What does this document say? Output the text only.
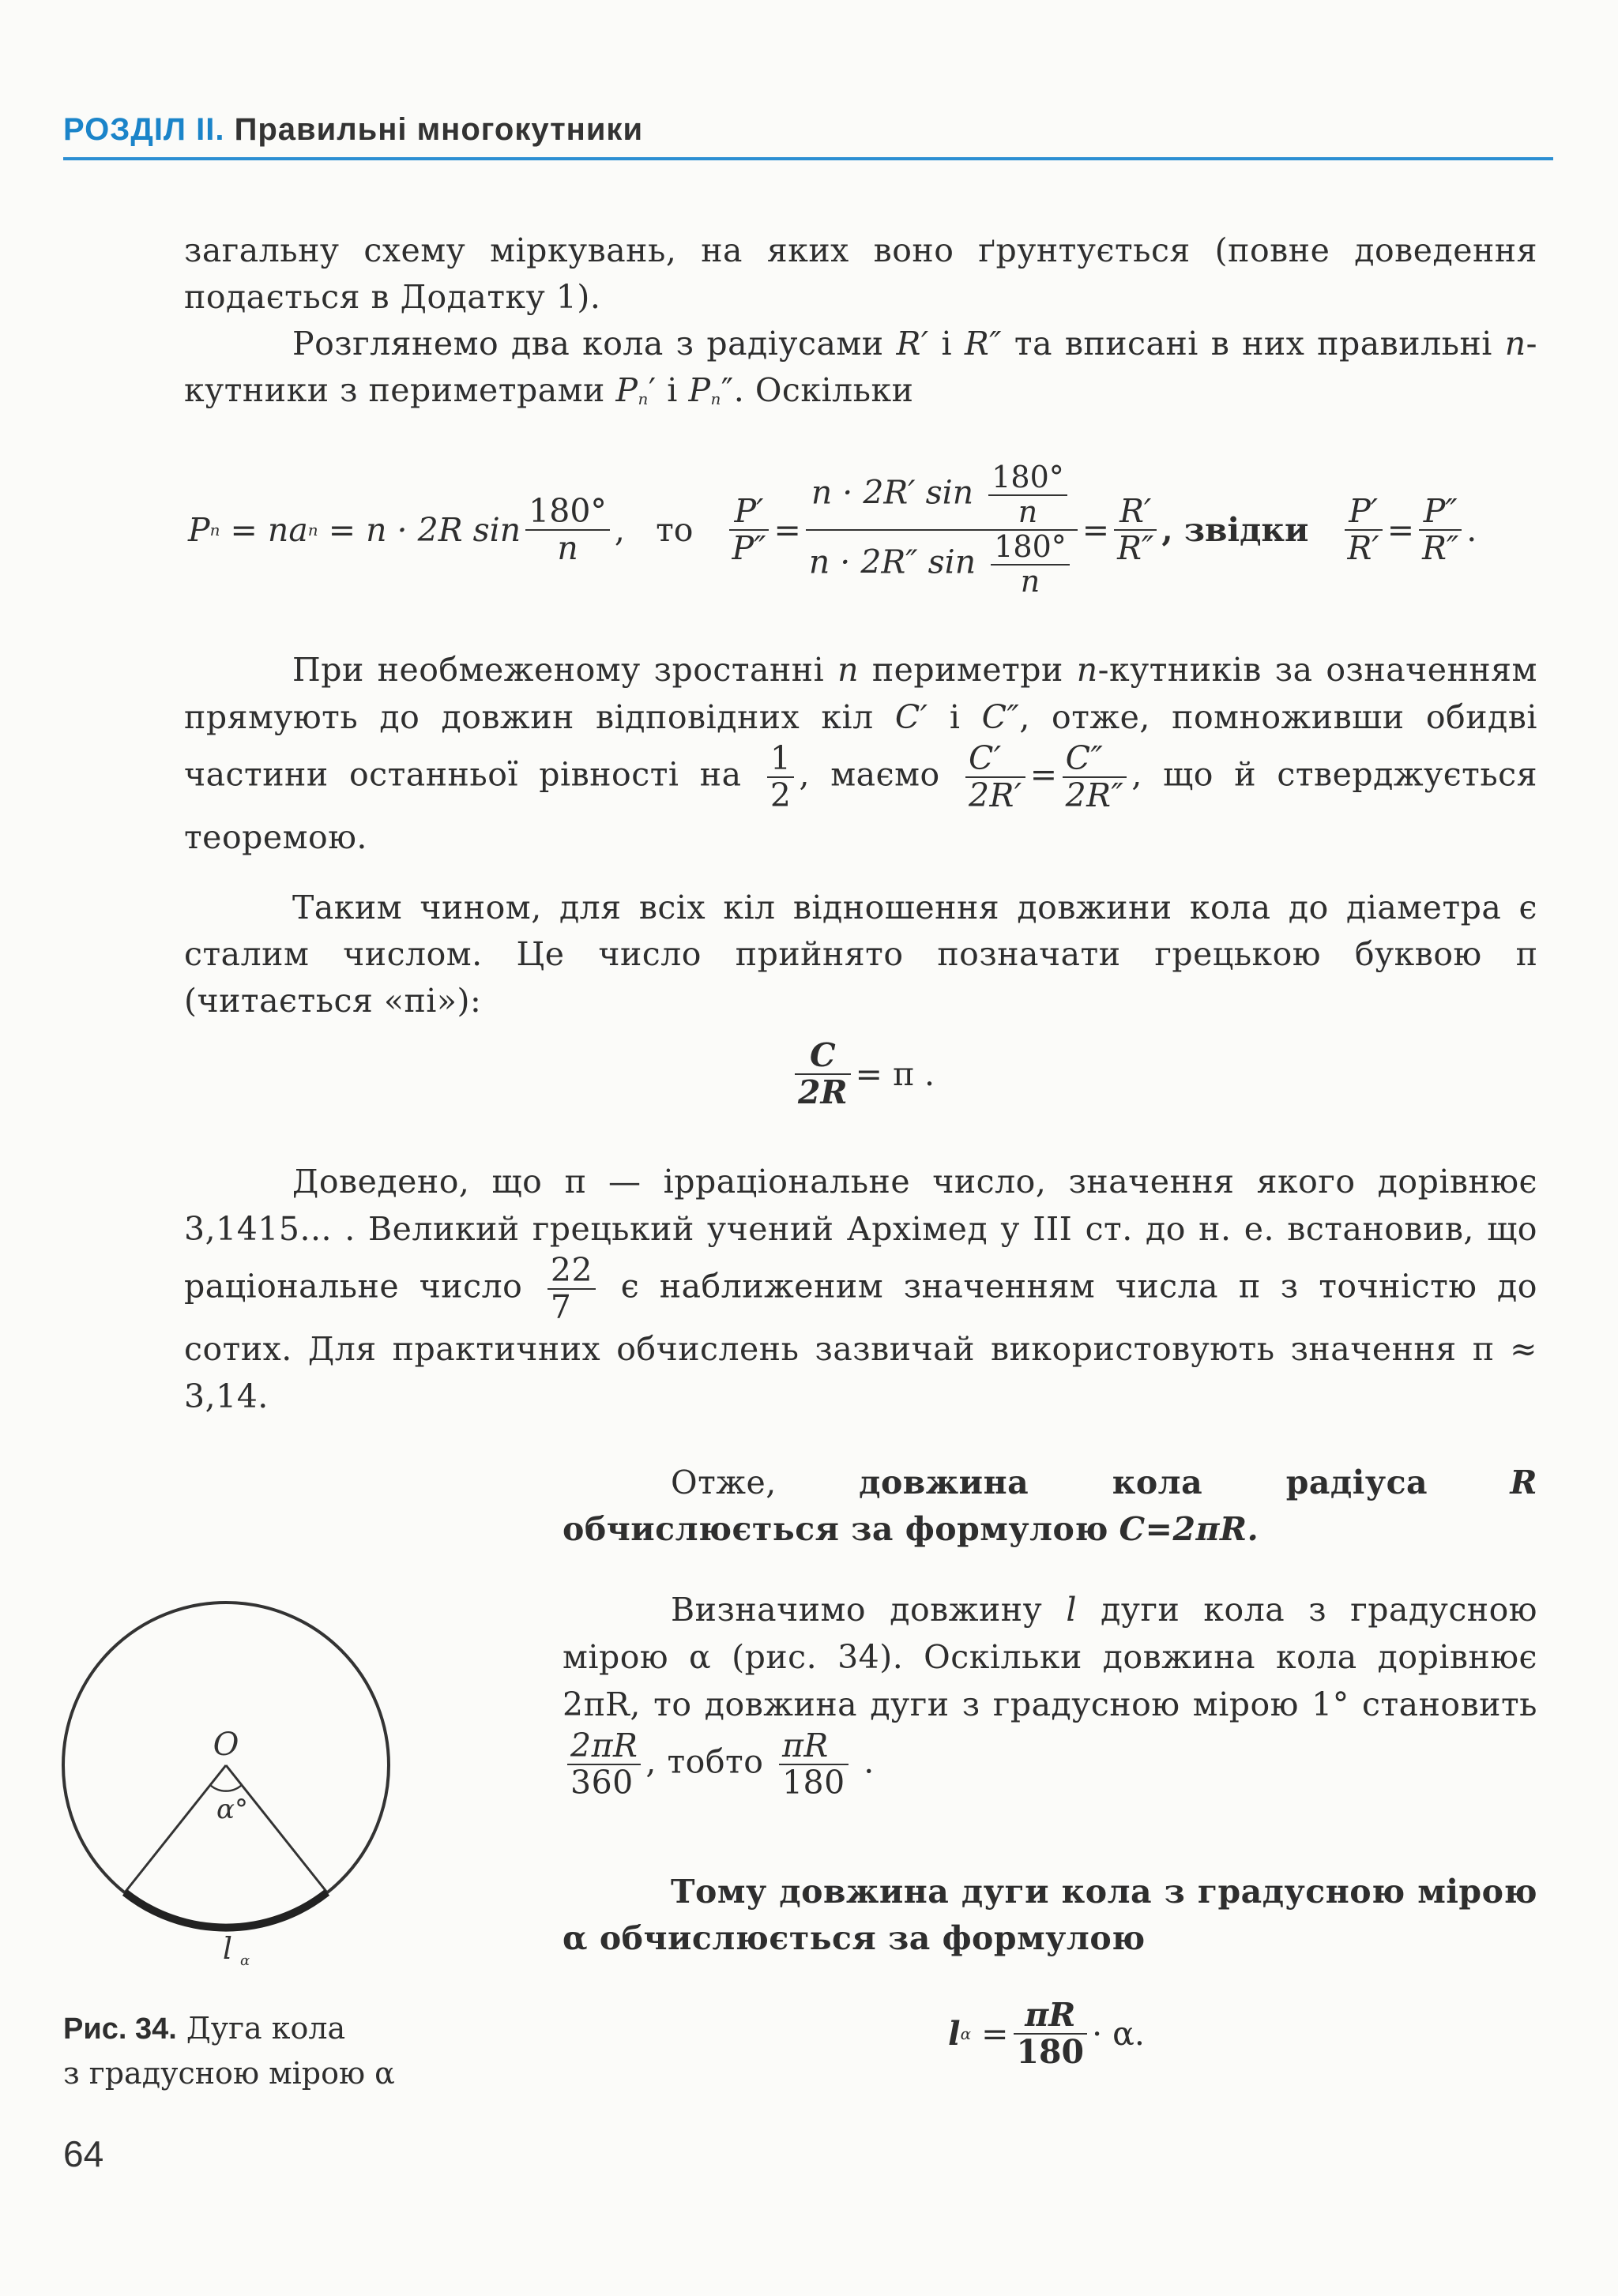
РОЗДІЛ II. Правильні многокутники
загальну схему міркувань, на яких воно ґрунтується (повне доведення подається в Додатку 1).
Розглянемо два кола з радіусами R′ і R″ та вписані в них правильні n-кутники з периметрами $P_n'$ і $P_n''$. Оскільки
P n
= na n
= n · 2R $\sin \frac{180^\circ}{n}$ , то
$\frac{P'}{P''} = \frac{n \cdot 2R' \sin \frac{180^\circ}{n}}{n \cdot 2R'' \sin \frac{180^\circ}{n}} = \frac{R'}{R''}$ , звідки
$\frac{P'}{R'} = \frac{P''}{R''}$ .
При необмеженому зростанні n периметри n-кутників за означенням прямують до довжин відповідних кіл C′ і C″, отже, помноживши обидві частини останньої рівності на $\frac{1}{2}$ , маємо $\frac{C'}{2R'} = \frac{C''}{2R''}$ , що й стверджується теоремою.
Таким чином, для всіх кіл відношення довжини кола до діаметра є сталим числом. Це число прийнято позначати грецькою буквою π (читається «пі»):
$\frac{C}{2R} = \pi$ .
Доведено, що π — ірраціональне число, значення якого дорівнює 3,1415... . Великий грецький учений Архімед у III ст. до н. е. встановив, що раціональне число $\frac{22}{7}$ є наближеним значенням числа π з точністю до сотих. Для практичних обчислень зазвичай використовують значення π ≈ 3,14.
Отже,	довжина кола радіуса	R обчислюється за формулою C=2πR.
Визначимо довжину l дуги кола з градусною мірою α (рис. 34). Оскільки довжина кола дорівнює 2πR, то довжина дуги з градусною мірою 1° становить
$\frac{2\pi R}{360}$ , тобто $\frac{\pi R}{180}$ .
Тому довжина дуги кола з градусною мірою α обчислюється за формулою
l α
= $\frac{\pi R}{180} \cdot \alpha$.
O
α°
l α
Рис. 34. Дуга кола
з градусною мірою α
64
